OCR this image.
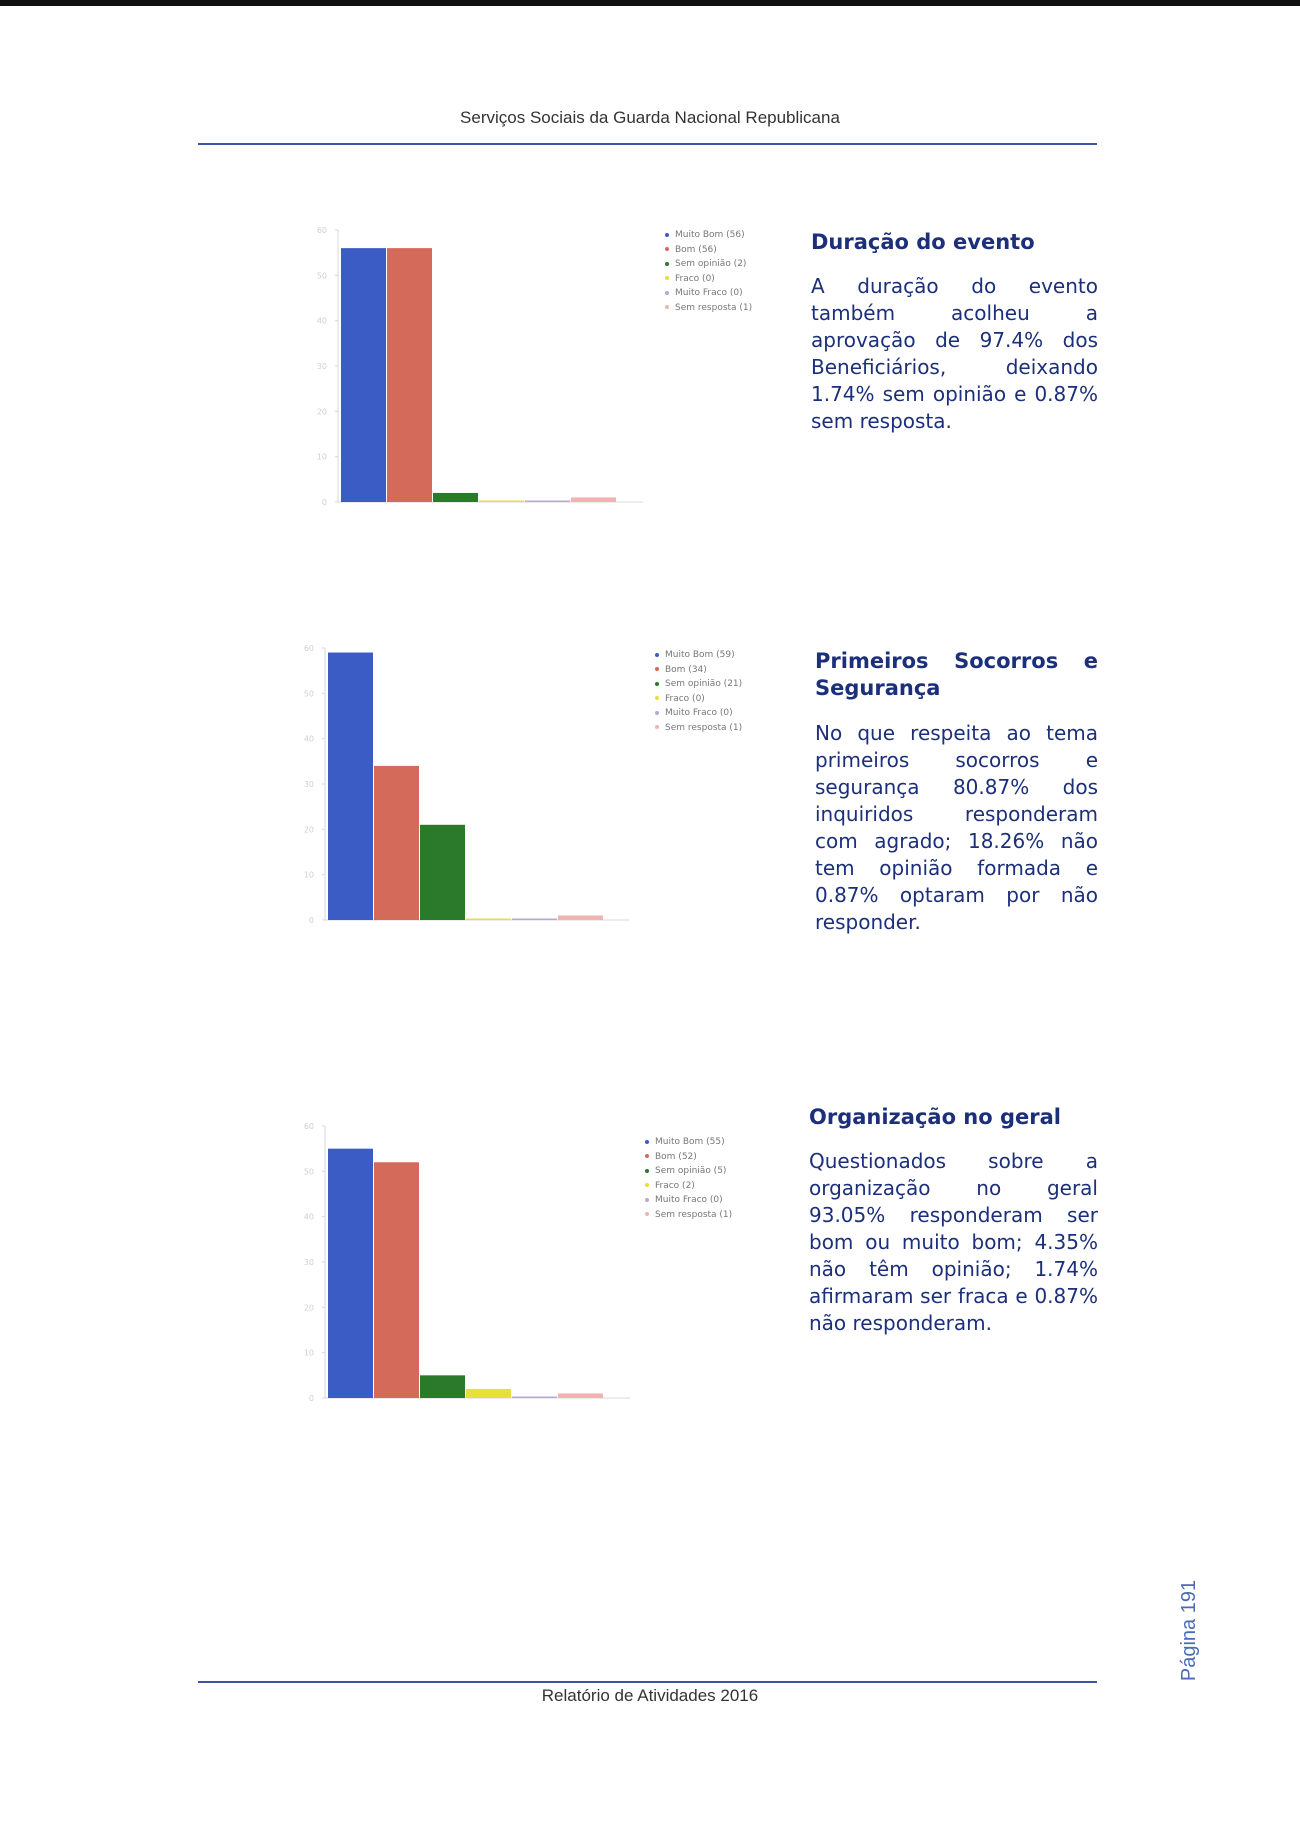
Serviços Sociais da Guarda Nacional Republicana
0
10
20
30
40
50
60	Muito Bom (56)
Bom (56)
Sem opinião (2)
Fraco (0)
Muito Fraco (0)
Sem resposta (1)
Duração do evento
A duração do evento também acolheu a aprovação de 97.4% dos Beneficiários, deixando 1.74% sem opinião e 0.87% sem resposta.
0
10
20
30
40
50
60
Muito Bom (59)
Bom (34)
Sem opinião (21)
Fraco (0)
Muito Fraco (0)
Sem resposta (1)
Primeiros Socorros e Segurança
No que respeita ao tema primeiros socorros e segurança 80.87% dos inquiridos responderam com agrado; 18.26% não tem opinião formada e 0.87% optaram por não responder.
0
10
20
30
40
50
60
Muito Bom (55)
Bom (52)
Sem opinião (5)
Fraco (2)
Muito Fraco (0)
Sem resposta (1)
Organização no geral
Questionados sobre a organização no geral 93.05% responderam ser bom ou muito bom; 4.35% não têm opinião; 1.74% afirmaram ser fraca e 0.87% não responderam.
Página 191
Relatório de Atividades 2016
